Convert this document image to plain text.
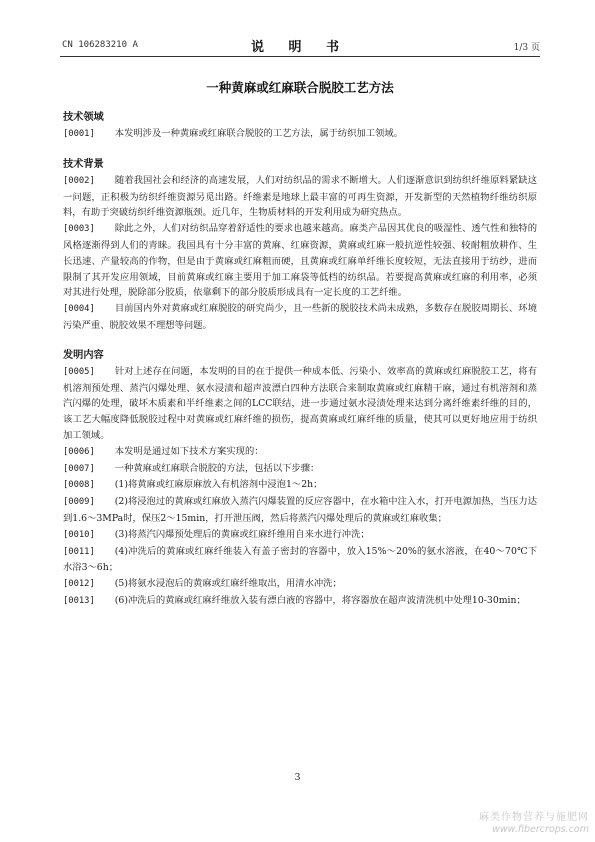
CN 106283210 A	说 明 书	1/3 页
一种黄麻或红麻联合脱胶工艺方法

技术领域

[0001] 本发明涉及一种黄麻或红麻联合脱胶的工艺方法，属于纺织加工领域。

技术背景

[0002] 随着我国社会和经济的高速发展，人们对纺织品的需求不断增大。人们逐渐意识到纺织纤维原料紧缺这一问题，正积极为纺织纤维资源另觅出路。纤维素是地球上最丰富的可再生资源，开发新型的天然植物纤维纺织原料，有助于突破纺织纤维资源瓶颈。近几年，生物质材料的开发利用成为研究热点。

[0003] 除此之外，人们对纺织品穿着舒适性的要求也越来越高。麻类产品因其优良的吸湿性、透气性和独特的风格逐渐得到人们的青睐。我国具有十分丰富的黄麻、红麻资源，黄麻或红麻一般抗逆性较强、较耐粗放耕作、生长迅速、产量较高的作物，但是由于黄麻或红麻粗而硬，且黄麻或红麻单纤维长度较短，无法直接用于纺纱，进而限制了其开发应用领域，目前黄麻或红麻主要用于加工麻袋等低档的纺织品。若要提高黄麻或红麻的利用率，必须对其进行处理，脱除部分胶质，依靠剩下的部分胶质形成具有一定长度的工艺纤维。

[0004] 目前国内外对黄麻或红麻脱胶的研究尚少，且一些新的脱胶技术尚未成熟，多数存在脱胶周期长、环境污染严重、脱胶效果不理想等问题。

发明内容

[0005] 针对上述存在问题，本发明的目的在于提供一种成本低、污染小、效率高的黄麻或红麻脱胶工艺，将有机溶剂预处理、蒸汽闪爆处理、氨水浸渍和超声波漂白四种方法联合来制取黄麻或红麻精干麻，通过有机溶剂和蒸汽闪爆的处理，破坏木质素和半纤维素之间的LCC联结，进一步通过氨水浸渍处理来达到分离纤维素纤维的目的，该工艺大幅度降低脱胶过程中对黄麻或红麻纤维的损伤，提高黄麻或红麻纤维的质量，使其可以更好地应用于纺织加工领域。

[0006] 本发明是通过如下技术方案实现的：

[0007] 一种黄麻或红麻联合脱胶的方法，包括以下步骤：

[0008] (1)将黄麻或红麻原麻放入有机溶剂中浸泡1～2h；

[0009] (2)将浸泡过的黄麻或红麻放入蒸汽闪爆装置的反应容器中，在水箱中注入水，打开电源加热，当压力达到1.6～3MPa时，保压2～15min，打开泄压阀，然后将蒸汽闪爆处理后的黄麻或红麻收集；

[0010] (3)将蒸汽闪爆预处理后的黄麻或红麻纤维用自来水进行冲洗；

[0011] (4)冲洗后的黄麻或红麻纤维装入有盖子密封的容器中，放入15%～20%的氨水溶液，在40～70℃下水浴3～6h；

[0012] (5)将氨水浸泡后的黄麻或红麻纤维取出，用清水冲洗；

[0013] (6)冲洗后的黄麻或红麻纤维放入装有漂白液的容器中，将容器放在超声波清洗机中处理10-30min；

3
麻类作物营养与施肥网
www.fibercrops.com
